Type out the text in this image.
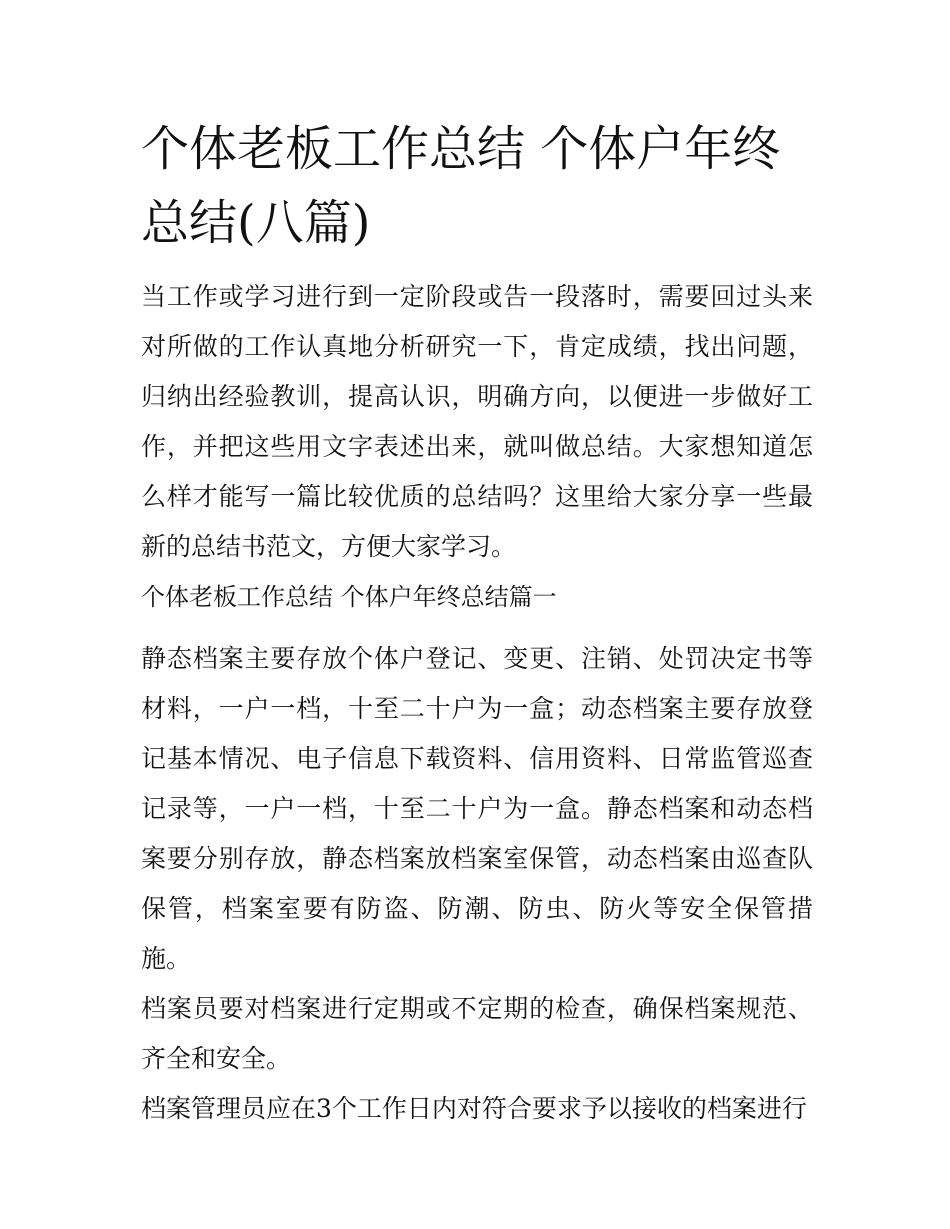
个体老板工作总结 个体户年终总结(八篇)

当工作或学习进行到一定阶段或告一段落时，需要回过头来对所做的工作认真地分析研究一下，肯定成绩，找出问题，归纳出经验教训，提高认识，明确方向，以便进一步做好工作，并把这些用文字表述出来，就叫做总结。大家想知道怎么样才能写一篇比较优质的总结吗？这里给大家分享一些最新的总结书范文，方便大家学习。

个体老板工作总结 个体户年终总结篇一

静态档案主要存放个体户登记、变更、注销、处罚决定书等材料，一户一档，十至二十户为一盒；动态档案主要存放登记基本情况、电子信息下载资料、信用资料、日常监管巡查记录等，一户一档，十至二十户为一盒。静态档案和动态档案要分别存放，静态档案放档案室保管，动态档案由巡查队保管，档案室要有防盗、防潮、防虫、防火等安全保管措施。

档案员要对档案进行定期或不定期的检查，确保档案规范、齐全和安全。

档案管理员应在3个工作日内对符合要求予以接收的档案进行
